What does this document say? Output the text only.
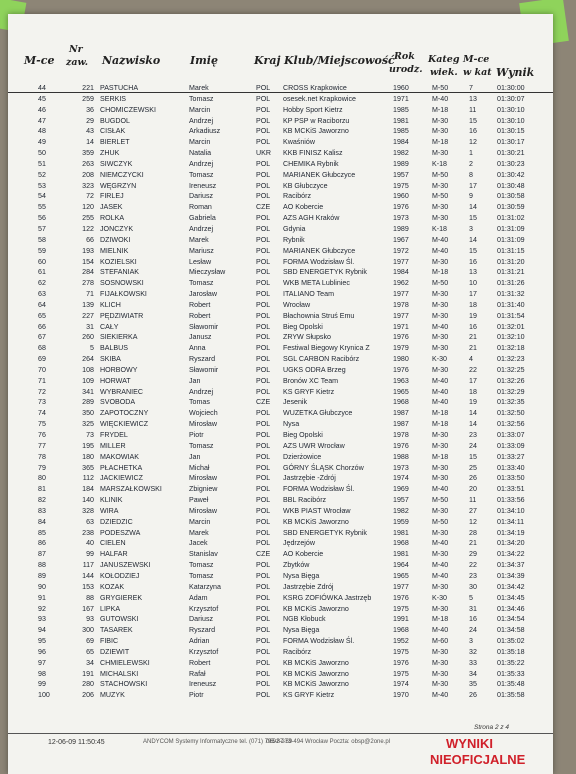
M-ce
Nr
zaw. Nazwisko	Imię	Kraj Klub/Miejscowość Rok
urodz.
Kateg
wiek.
M-ce
w kat Wynik
44	221 PASTUCHA	Marek	POL CROSS Krapkowice	1960	M-50	7	01:30:00
45	259 SERKIS	Tomasz	POL osesek.net Krapkowice	1971	M-40	13	01:30:07
46	36 CHOMICZEWSKI	Marcin	POL Hobby Sport Kietrz	1985	M-18	11	01:30:10
47	29 BUGDOL	Andrzej	POL KP PSP w Raciborzu	1981	M-30	15	01:30:10
48	43 CISŁAK	Arkadiusz	POL KB MCKiS Jaworzno	1985	M-30	16	01:30:15
49	14 BIERLET	Marcin	POL Kwaśniów	1984	M-18	12	01:30:17
50	359 ZHUK	Natalia	UKR KKB FINISZ Kalisz	1982	M-30	1	01:30:21
51	263 SIWCZYK	Andrzej	POL CHEMIKA Rybnik	1989	K-18	2	01:30:23
52	208 NIEMCZYCKI	Tomasz	POL MARIANEK Głubczyce	1957	M-50	8	01:30:42
53	323 WĘGRZYN	Ireneusz	POL KB Głubczyce	1975	M-30	17	01:30:48
54	72 FIRLEJ	Dariusz	POL Racibórz	1960	M-50	9	01:30:58
55	120 JASEK	Roman	CZE AO Kobercie	1976	M-30	14	01:30:59
56	255 ROLKA	Gabriela	POL AZS AGH Kraków	1973	M-30	15	01:31:02
57	122 JONCZYK	Andrzej	POL Gdynia	1989	K-18	3	01:31:09
58	66 DZIWOKI	Marek	POL Rybnik	1967	M-40	14	01:31:09
59	193 MIELNIK	Mariusz	POL MARIANEK Głubczyce	1972	M-40	15	01:31:15
60	154 KOZIELSKI	Lesław	POL FORMA Wodzisław Śl.	1977	M-30	16	01:31:20
61	284 STEFANIAK	Mieczysław	POL SBD ENERGETYK Rybnik	1984	M-18	13	01:31:21
62	278 SOSNOWSKI	Tomasz	POL WKB META Lubliniec	1962	M-50	10	01:31:26
63	71 FIJAŁKOWSKI	Jarosław	POL ITALIANO Team	1977	M-30	17	01:31:32
64	139 KLICH	Robert	POL Wrocław	1978	M-30	18	01:31:40
65	227 PĘDZIWIATR	Robert	POL Błachownia Struś Emu	1977	M-30	19	01:31:54
66	31 CAŁY	Sławomir	POL Bieg Opolski	1971	M-40	16	01:32:01
67	260 SIEKIERKA	Janusz	POL ZRYW Słupsko	1976	M-30	21	01:32:10
68	5 BALBUS	Anna	POL Festiwal Biegowy Krynica Z	1979	M-30	21	01:32:18
69	264 SKIBA	Ryszard	POL SGL CARBON Racibórz	1980	K-30	4	01:32:23
70	108 HORBOWY	Sławomir	POL UGKS ODRA Brzeg	1976	M-30	22	01:32:25
71	109 HORWAT	Jan	POL Bronów XC Team	1963	M-40	17	01:32:26
72	341 WYBRANIEC	Andrzej	POL KS GRYF Kietrz	1965	M-40	18	01:32:29
73	289 SVOBODA	Tomas	CZE Jesenik	1968	M-40	19	01:32:35
74	350 ZAPOTOCZNY	Wojciech	POL WUZETKA Głubczyce	1987	M-18	14	01:32:50
75	325 WIĘCKIEWICZ	Mirosław	POL Nysa	1987	M-18	14	01:32:56
76	73 FRYDEL	Piotr	POL Bieg Opolski	1978	M-30	23	01:33:07
77	195 MILLER	Tomasz	POL AZS UWR Wrocław	1976	M-30	24	01:33:09
78	180 MAKOWIAK	Jan	POL Dzierżowice	1988	M-18	15	01:33:27
79	365 PŁACHETKA	Michał	POL GÓRNY ŚLĄSK Chorzów	1973	M-30	25	01:33:40
80	112 JACKIEWICZ	Mirosław	POL Jastrzębie -Zdrój	1974	M-30	26	01:33:50
81	184 MARSZAŁKOWSKI	Zbigniew	POL FORMA Wodzisław Śl.	1969	M-40	20	01:33:51
82	140 KLINIK	Paweł	POL BBL Racibórz	1957	M-50	11	01:33:56
83	328 WIRA	Mirosław	POL WKB PIAST Wrocław	1982	M-30	27	01:34:10
84	63 DZIEDZIC	Marcin	POL KB MCKiS Jaworzno	1959	M-50	12	01:34:11
85	238 PODESZWA	Marek	POL SBD ENERGETYK Rybnik	1981	M-30	28	01:34:19
86	40 CIELEN	Jacek	POL Jędrzejów	1968	M-40	21	01:34:20
87	99 HALFAR	Stanislav	CZE AO Kobercie	1981	M-30	29	01:34:22
88	117 JANUSZEWSKI	Tomasz	POL Zbytków	1964	M-40	22	01:34:37
89	144 KOŁODZIEJ	Tomasz	POL Nysa Bięga	1965	M-40	23	01:34:39
90	153 KOZAK	Katarzyna	POL Jastrzębie Zdrój	1977	M-30	30	01:34:42
91	88 GRYGIEREK	Adam	POL KSRG ZOFIÓWKA Jastrzęb	1976	K-30	5	01:34:45
92	167 LIPKA	Krzysztof	POL KB MCKiS Jaworzno	1975	M-30	31	01:34:46
93	93 GUTOWSKI	Dariusz	POL NGB Kłobuck	1991	M-18	16	01:34:54
94	300 TASAREK	Ryszard	POL Nysa Bięga	1968	M-40	24	01:34:58
95	69 FIBIC	Adrian	POL FORMA Wodzisław Śl.	1952	M-60	3	01:35:02
96	65 DZIEWIT	Krzysztof	POL Racibórz	1975	M-30	32	01:35:18
97	34 CHMIELEWSKI	Robert	POL KB MCKiS Jaworzno	1976	M-30	33	01:35:22
98	191 MICHALSKI	Rafał	POL KB MCKiS Jaworzno	1975	M-30	34	01:35:33
99	280 STACHOWSKI	Ireneusz	POL KB MCKiS Jaworzno	1974	M-30	35	01:35:48
100	206 MUZYK	Piotr	POL KS GRYF Kietrz	1970	M-40	26	01:35:58
12-06-09 11:50:45	ANDYCOM Systemy Informatyczne tel. (071) 795-87-59
0692-273-494 Wrocław Poczta: obsp@2one.pl
Strona 2 z 4
WYNIKI
NIEOFICJALNE
